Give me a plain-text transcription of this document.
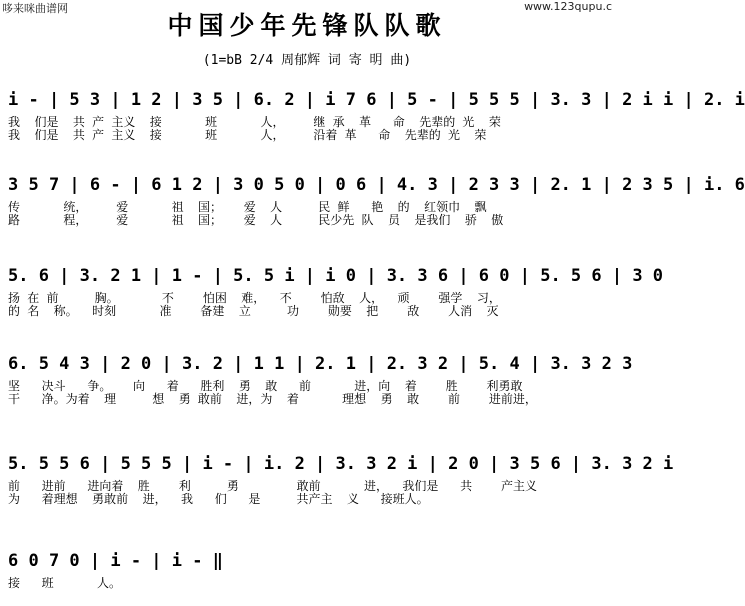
哆来咪曲谱网	www.123qupu.c
中国少年先锋队队歌
(1=bB 2/4 周郁辉 词 寄 明 曲)
i - | 5 3 | 1 2 | 3 5 | 6. 2 | i 7 6 | 5 - | 5 5 5 | 3. 3 | 2 i i | 2. i
我  们是  共 产 主义  接      班      人，    继 承  革   命  先辈的 光  荣
我  们是  共 产 主义  接      班      人，    沿着 革   命  先辈的 光  荣
3 5 7 | 6 - | 6 1 2 | 3 0 5 0 | 0 6 | 4. 3 | 2 3 3 | 2. 1 | 2 3 5 | i. 6
传      统，    爱      祖  国；   爱  人     民 鲜   艳  的  红领巾  飘
路      程，    爱      祖  国；   爱  人     民少先 队  员  是我们  骄  傲
5. 6 | 3. 2 1 | 1 - | 5. 5 i | i 0 | 3. 3 6 | 6 0 | 5. 5 6 | 3 0
扬 在 前     胸。      不    怕困  难，  不    怕敌  人，  顽    强学  习，
的 名  称。  时刻      准    备建  立     功    勋要  把    敌    人消  灭
6. 5 4 3 | 2 0 | 3. 2 | 1 1 | 2. 1 | 2. 3 2 | 5. 4 | 3. 3 2 3
坚   决斗   争。   向   着   胜利  勇  敢   前      进，向  着    胜    利勇敢
干   净。为着  理     想  勇 敢前  进，为  着      理想  勇  敢    前    进前进，
5. 5 5 6 | 5 5 5 | i - | i. 2 | 3. 3 2 i | 2 0 | 3 5 6 | 3. 3 2 i
前   进前   进向着  胜    利     勇        敢前      进，  我们是   共    产主义
为   着理想  勇敢前  进，  我   们   是     共产主  义   接班人。
6 0 7 0 | i - | i - ‖
接   班      人。
